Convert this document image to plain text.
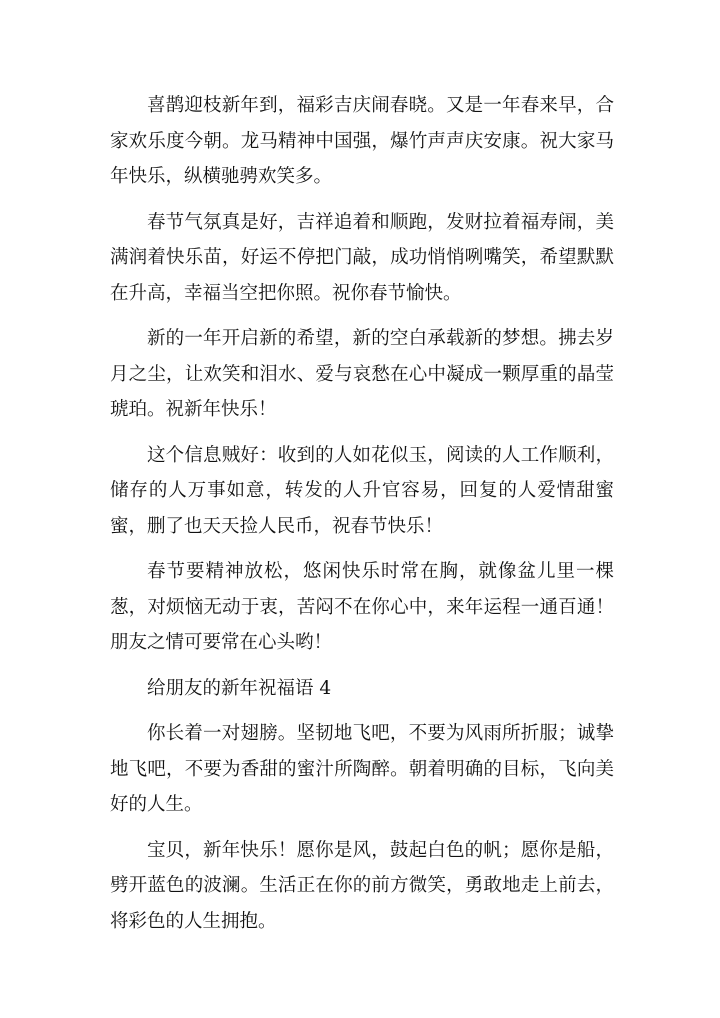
喜鹊迎枝新年到，福彩吉庆闹春晓。又是一年春来早，合家欢乐度今朝。龙马精神中国强，爆竹声声庆安康。祝大家马年快乐，纵横驰骋欢笑多。

春节气氛真是好，吉祥追着和顺跑，发财拉着福寿闹，美满润着快乐苗，好运不停把门敲，成功悄悄咧嘴笑，希望默默在升高，幸福当空把你照。祝你春节愉快。

新的一年开启新的希望，新的空白承载新的梦想。拂去岁月之尘，让欢笑和泪水、爱与哀愁在心中凝成一颗厚重的晶莹琥珀。祝新年快乐！

这个信息贼好：收到的人如花似玉，阅读的人工作顺利，储存的人万事如意，转发的人升官容易，回复的人爱情甜蜜蜜，删了也天天捡人民币，祝春节快乐！

春节要精神放松，悠闲快乐时常在胸，就像盆儿里一棵葱，对烦恼无动于衷，苦闷不在你心中，来年运程一通百通！朋友之情可要常在心头哟！

给朋友的新年祝福语 4

你长着一对翅膀。坚韧地飞吧，不要为风雨所折服；诚挚地飞吧，不要为香甜的蜜汁所陶醉。朝着明确的目标，飞向美好的人生。

宝贝，新年快乐！愿你是风，鼓起白色的帆；愿你是船，劈开蓝色的波澜。生活正在你的前方微笑，勇敢地走上前去，将彩色的人生拥抱。
